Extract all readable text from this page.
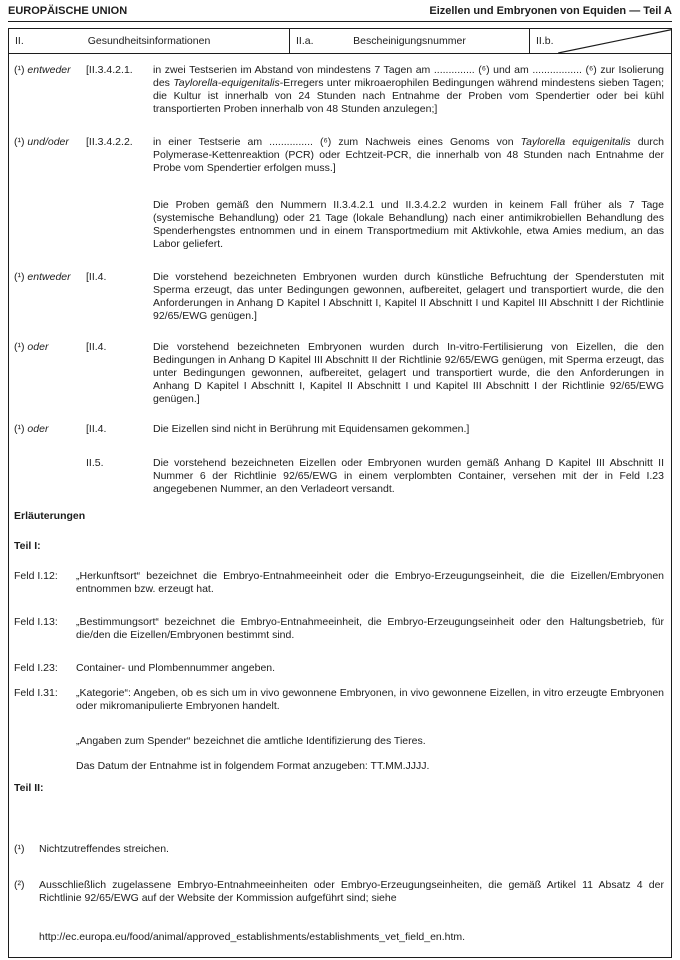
EUROPÄISCHE UNION	Eizellen und Embryonen von Equiden — Teil A
II.	Gesundheitsinformationen	II.a.	Bescheinigungsnummer	II.b.
(¹) entweder	[II.3.4.2.1.	in zwei Testserien im Abstand von mindestens 7 Tagen am .............. (⁶) und am ................. (⁶) zur Isolierung des Taylorella-equigenitalis-Erregers unter mikroaerophilen Bedingungen während mindestens sieben Tagen; die Kultur ist innerhalb von 24 Stunden nach Entnahme der Proben vom Spendertier oder bei kühl transportierten Proben innerhalb von 48 Stunden anzulegen;]
(¹) und/oder	[II.3.4.2.2.	in einer Testserie am ............... (⁶) zum Nachweis eines Genoms von Taylorella equigenitalis durch Polymerase-Kettenreaktion (PCR) oder Echtzeit-PCR, die innerhalb von 48 Stunden nach Entnahme der Probe vom Spendertier erfolgen muss.]
Die Proben gemäß den Nummern II.3.4.2.1 und II.3.4.2.2 wurden in keinem Fall früher als 7 Tage (systemische Behandlung) oder 21 Tage (lokale Behandlung) nach einer antimikrobiellen Behandlung des Spenderhengstes entnommen und in einem Transportmedium mit Aktivkohle, etwa Amies medium, an das Labor geliefert.
(¹) entweder	[II.4.	Die vorstehend bezeichneten Embryonen wurden durch künstliche Befruchtung der Spenderstuten mit Sperma erzeugt, das unter Bedingungen gewonnen, aufbereitet, gelagert und transportiert wurde, die den Anforderungen in Anhang D Kapitel I Abschnitt I, Kapitel II Abschnitt I und Kapitel III Abschnitt I der Richtlinie 92/65/EWG genügen.]
(¹) oder	[II.4.	Die vorstehend bezeichneten Embryonen wurden durch In-vitro-Fertilisierung von Eizellen, die den Bedingungen in Anhang D Kapitel III Abschnitt II der Richtlinie 92/65/EWG genügen, mit Sperma erzeugt, das unter Bedingungen gewonnen, aufbereitet, gelagert und transportiert wurde, die den Anforderungen in Anhang D Kapitel I Abschnitt I, Kapitel II Abschnitt I und Kapitel III Abschnitt I der Richtlinie 92/65/EWG genügen.]
(¹) oder	[II.4.	Die Eizellen sind nicht in Berührung mit Equidensamen gekommen.]
II.5.	Die vorstehend bezeichneten Eizellen oder Embryonen wurden gemäß Anhang D Kapitel III Abschnitt II Nummer 6 der Richtlinie 92/65/EWG in einem verplombten Container, versehen mit der in Feld I.23 angegebenen Nummer, an den Verladeort versandt.
Erläuterungen
Teil I:
Feld I.12:	„Herkunftsort“ bezeichnet die Embryo-Entnahmeeinheit oder die Embryo-Erzeugungseinheit, die die Eizellen/Embryonen entnommen bzw. erzeugt hat.
Feld I.13:	„Bestimmungsort“ bezeichnet die Embryo-Entnahmeeinheit, die Embryo-Erzeugungseinheit oder den Haltungsbetrieb, für die/den die Eizellen/Embryonen bestimmt sind.
Feld I.23:	Container- und Plombennummer angeben.
Feld I.31:	„Kategorie“: Angeben, ob es sich um in vivo gewonnene Embryonen, in vivo gewonnene Eizellen, in vitro erzeugte Embryonen oder mikromanipulierte Embryonen handelt.
„Angaben zum Spender“ bezeichnet die amtliche Identifizierung des Tieres.
Das Datum der Entnahme ist in folgendem Format anzugeben: TT.MM.JJJJ.
Teil II:
(¹)	Nichtzutreffendes streichen.
(²)	Ausschließlich zugelassene Embryo-Entnahmeeinheiten oder Embryo-Erzeugungseinheiten, die gemäß Artikel 11 Absatz 4 der Richtlinie 92/65/EWG auf der Website der Kommission aufgeführt sind; siehe
http://ec.europa.eu/food/animal/approved_establishments/establishments_vet_field_en.htm.
